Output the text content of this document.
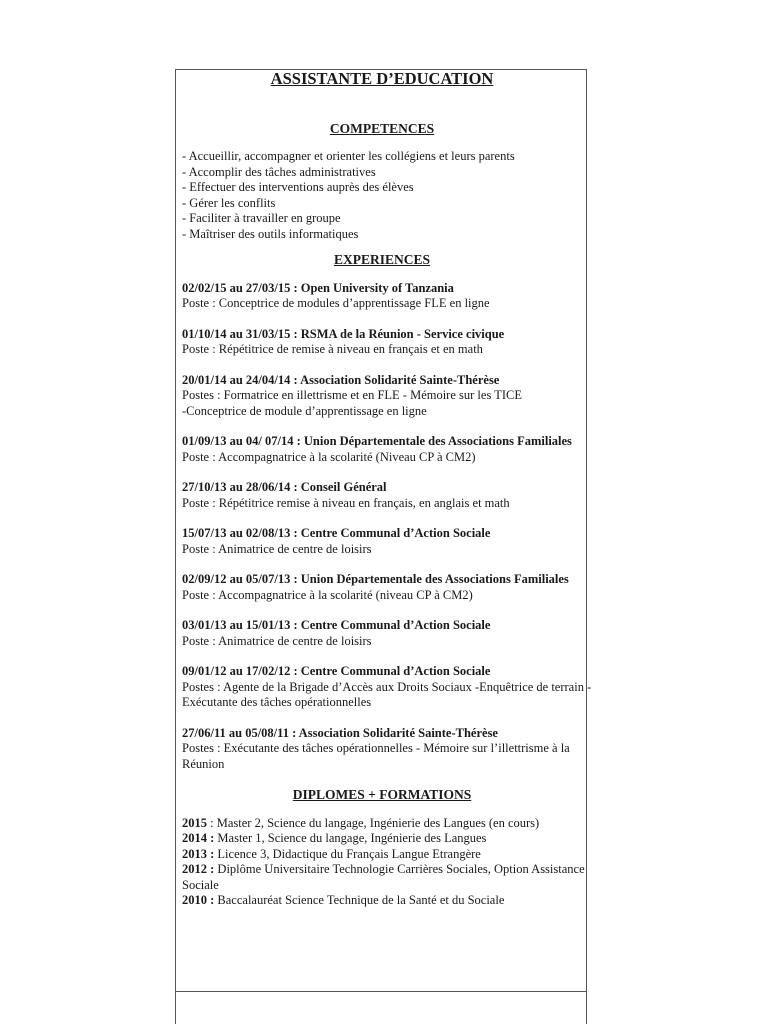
ASSISTANTE D’EDUCATION
COMPETENCES
- Accueillir, accompagner et orienter les collégiens et leurs parents
- Accomplir des tâches administratives
- Effectuer des interventions auprès des élèves
- Gérer les conflits
- Faciliter à travailler en groupe
- Maîtriser des outils informatiques
EXPERIENCES
02/02/15 au 27/03/15 : Open University of Tanzania
Poste : Conceptrice de modules d’apprentissage FLE en ligne
01/10/14 au 31/03/15 : RSMA de la Réunion - Service civique
Poste : Répétitrice de remise à niveau en français et en math
20/01/14 au 24/04/14 : Association Solidarité Sainte-Thérèse
Postes : Formatrice en illettrisme et en FLE - Mémoire sur les TICE
-Conceptrice de module d’apprentissage en ligne
01/09/13 au 04/ 07/14 : Union Départementale des Associations Familiales
Poste : Accompagnatrice à la scolarité (Niveau CP à CM2)
27/10/13 au 28/06/14 : Conseil Général
Poste : Répétitrice remise à niveau en français, en anglais et math
15/07/13 au 02/08/13 : Centre Communal d’Action Sociale
Poste : Animatrice de centre de loisirs
02/09/12 au 05/07/13 : Union Départementale des Associations Familiales
Poste : Accompagnatrice à la scolarité (niveau CP à CM2)
03/01/13 au 15/01/13 : Centre Communal d’Action Sociale
Poste : Animatrice de centre de loisirs
09/01/12 au 17/02/12 : Centre Communal d’Action Sociale
Postes : Agente de la Brigade d’Accès aux Droits Sociaux -Enquêtrice de terrain - Exécutante des tâches opérationnelles
27/06/11 au 05/08/11 : Association Solidarité Sainte-Thérèse
Postes : Exécutante des tâches opérationnelles - Mémoire sur l’illettrisme à la Réunion
DIPLOMES + FORMATIONS
2015 : Master 2, Science du langage, Ingénierie des Langues (en cours)
2014 : Master 1, Science du langage, Ingénierie des Langues
2013 : Licence 3, Didactique du Français Langue Etrangère
2012 : Diplôme Universitaire Technologie Carrières Sociales, Option Assistance Sociale
2010 : Baccalauréat Science Technique de la Santé et du Sociale
